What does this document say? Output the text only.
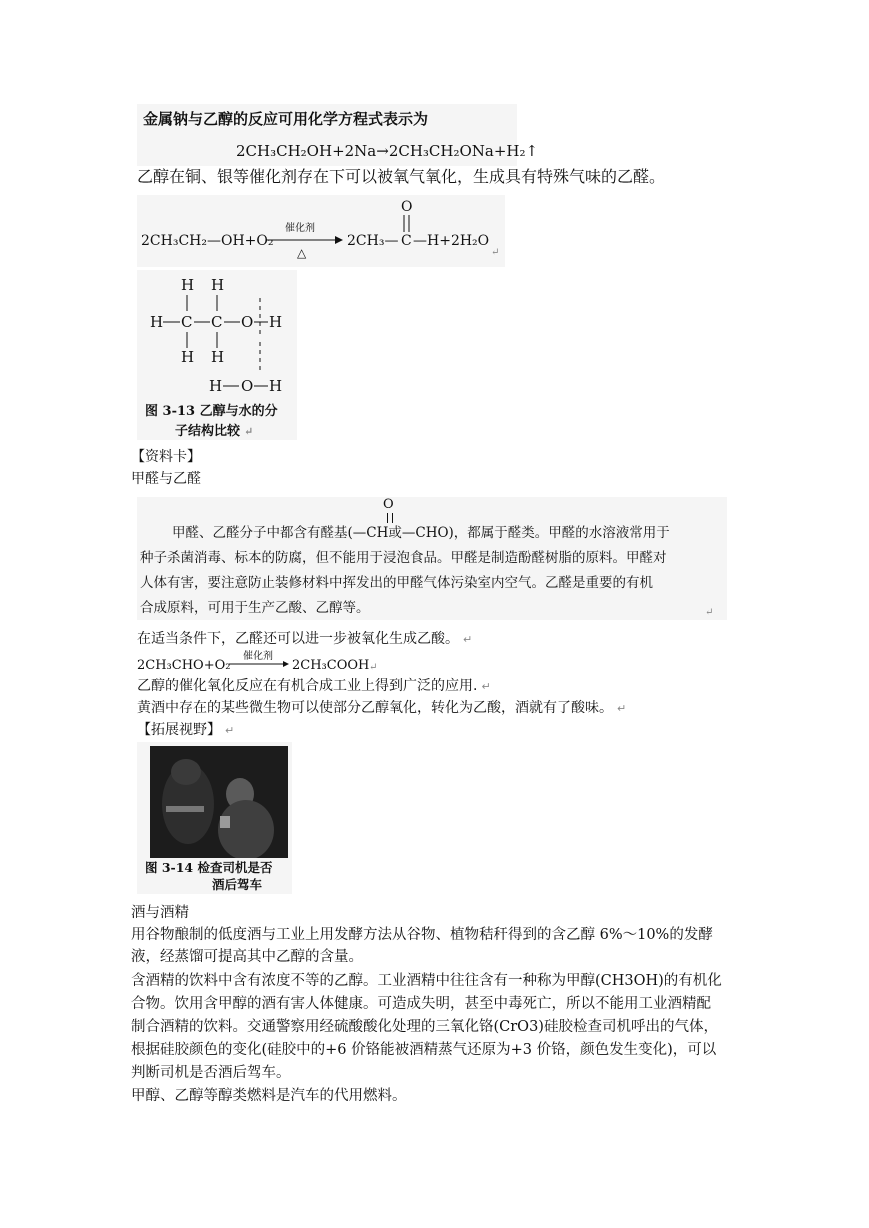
金属钠与乙醇的反应可用化学方程式表示为
2CH₃CH₂OH+2Na→2CH₃CH₂ONa+H₂↑
乙醇在铜、银等催化剂存在下可以被氧气氧化，生成具有特殊气味的乙醛。
2CH₃CH₂—OH+O₂
催化剂
△
2CH₃—
O
C —H+2H₂O
↵
H H
H C C O H
H H
H O H
图 3-13 乙醇与水的分
子结构比较 ↵
【资料卡】
甲醛与乙醛
O
甲醛、乙醛分子中都含有醛基(—CH或—CHO)，都属于醛类。甲醛的水溶液常用于
种子杀菌消毒、标本的防腐，但不能用于浸泡食品。甲醛是制造酚醛树脂的原料。甲醛对
人体有害，要注意防止装修材料中挥发出的甲醛气体污染室内空气。乙醛是重要的有机
合成原料，可用于生产乙酸、乙醇等。	↵
在适当条件下，乙醛还可以进一步被氧化生成乙酸。 ↵
2CH₃CHO+O₂
催化剂
2CH₃COOH ↵
乙醇的催化氧化反应在有机合成工业上得到广泛的应用. ↵
黄酒中存在的某些微生物可以使部分乙醇氧化，转化为乙酸，酒就有了酸味。 ↵
【拓展视野】 ↵
图 3-14 检查司机是否
酒后驾车
酒与酒精
用谷物酿制的低度酒与工业上用发酵方法从谷物、植物秸秆得到的含乙醇 6%～10%的发酵
液，经蒸馏可提高其中乙醇的含量。
含酒精的饮料中含有浓度不等的乙醇。工业酒精中往往含有一种称为甲醇(CH3OH)的有机化
合物。饮用含甲醇的酒有害人体健康。可造成失明，甚至中毒死亡，所以不能用工业酒精配
制合酒精的饮料。交通警察用经硫酸酸化处理的三氧化铬(CrO3)硅胶检查司机呼出的气体，
根据硅胶颜色的变化(硅胶中的+6 价铬能被酒精蒸气还原为+3 价铬，颜色发生变化)，可以
判断司机是否酒后驾车。
甲醇、乙醇等醇类燃料是汽车的代用燃料。
